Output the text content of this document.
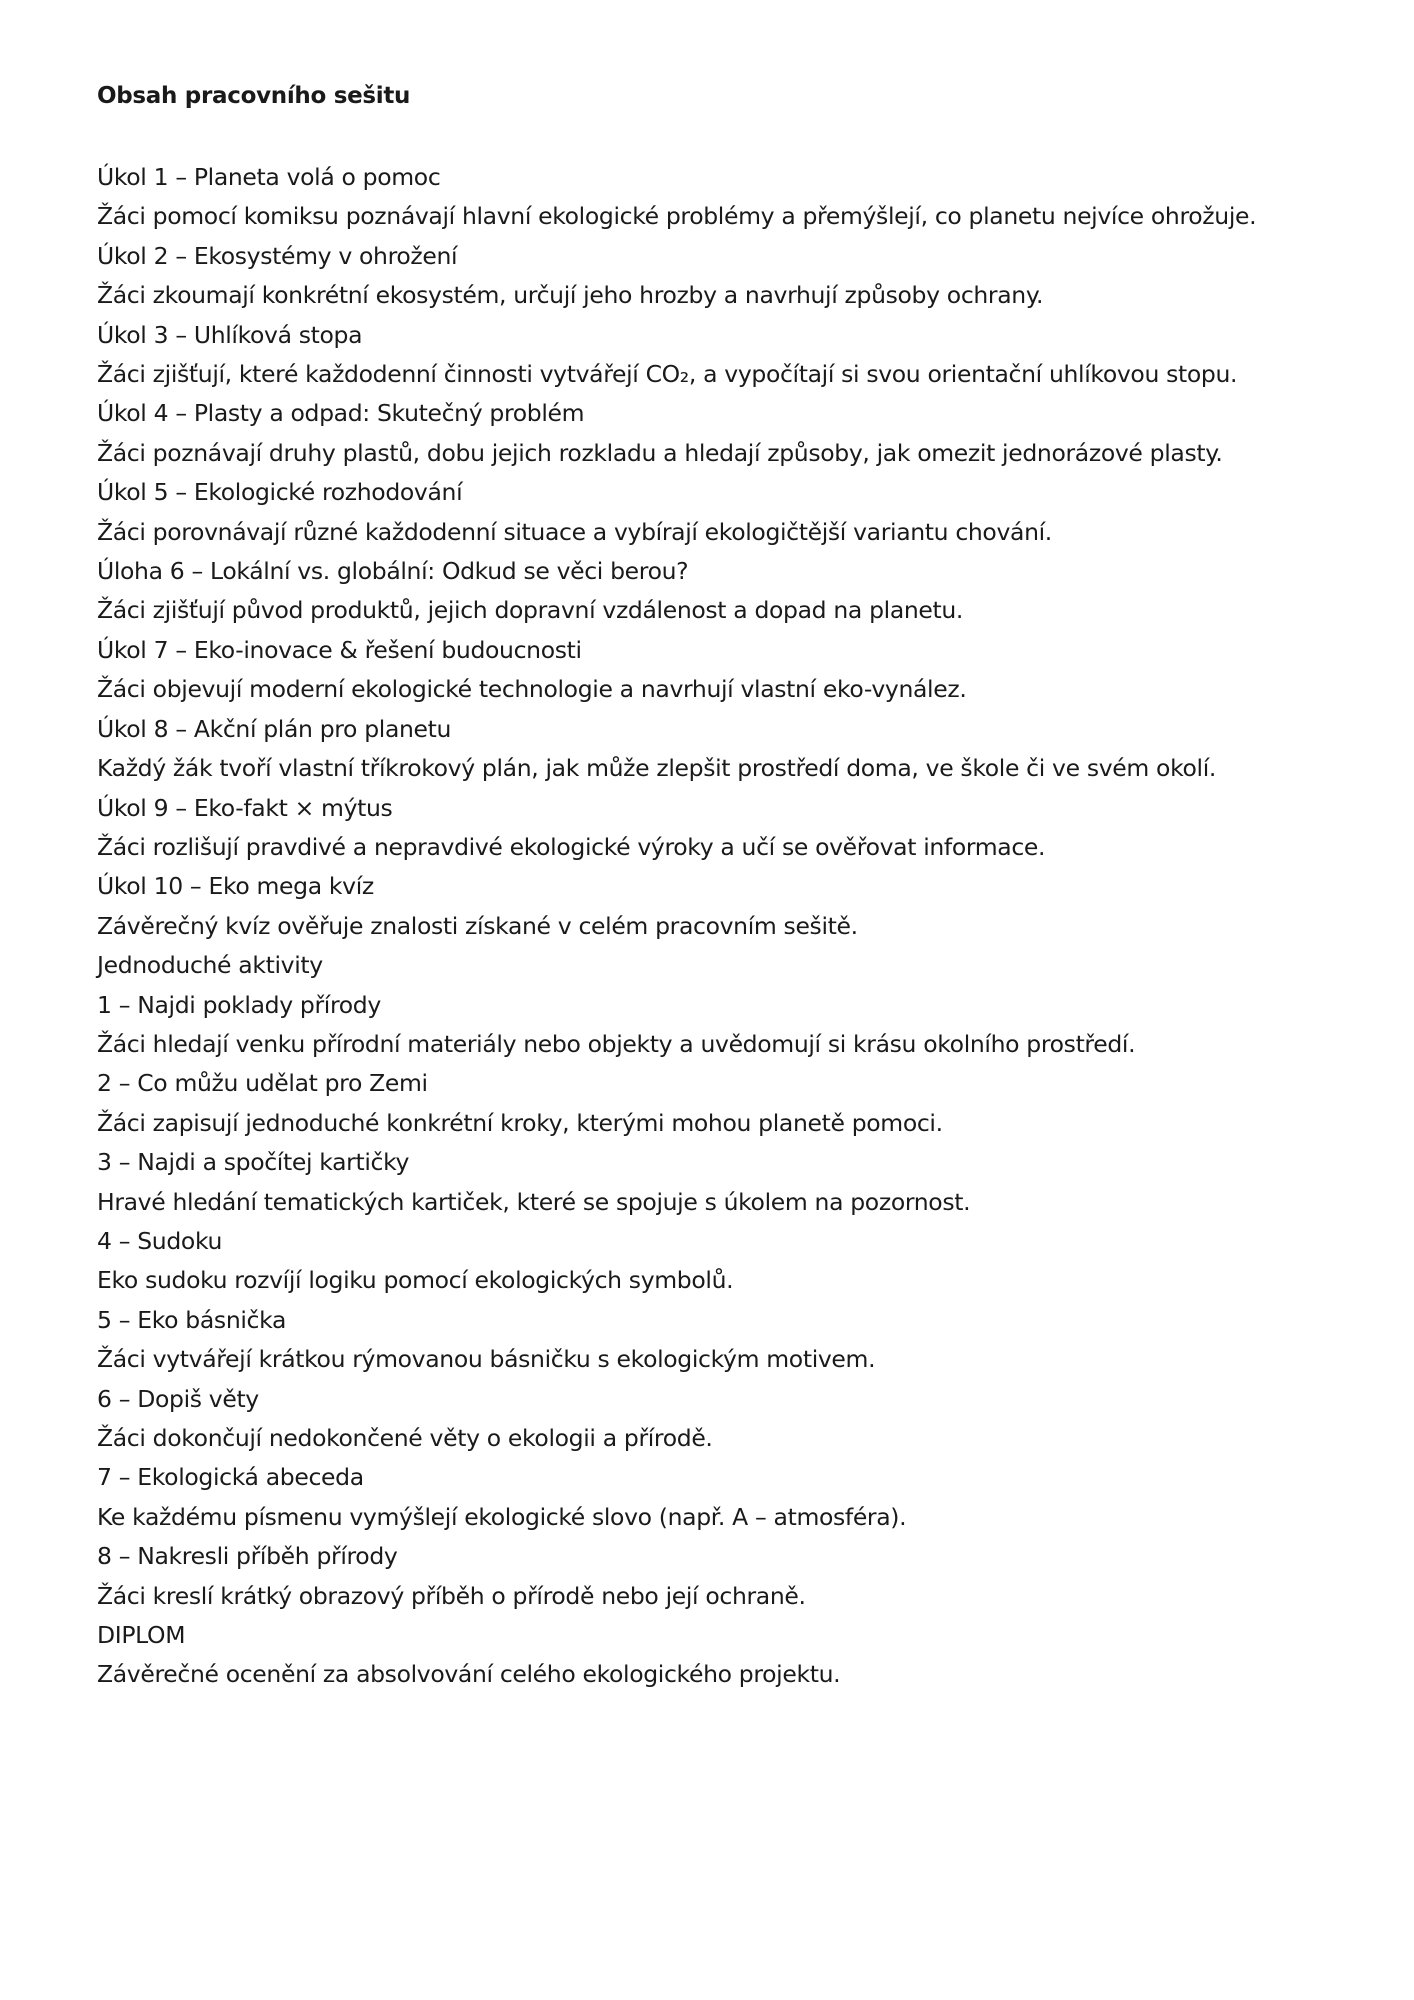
Obsah pracovního sešitu

Úkol 1 – Planeta volá o pomoc
Žáci pomocí komiksu poznávají hlavní ekologické problémy a přemýšlejí, co planetu nejvíce ohrožuje.
Úkol 2 – Ekosystémy v ohrožení
Žáci zkoumají konkrétní ekosystém, určují jeho hrozby a navrhují způsoby ochrany.
Úkol 3 – Uhlíková stopa
Žáci zjišťují, které každodenní činnosti vytvářejí CO₂, a vypočítají si svou orientační uhlíkovou stopu.
Úkol 4 – Plasty a odpad: Skutečný problém
Žáci poznávají druhy plastů, dobu jejich rozkladu a hledají způsoby, jak omezit jednorázové plasty.
Úkol 5 – Ekologické rozhodování
Žáci porovnávají různé každodenní situace a vybírají ekologičtější variantu chování.
Úloha 6 – Lokální vs. globální: Odkud se věci berou?
Žáci zjišťují původ produktů, jejich dopravní vzdálenost a dopad na planetu.
Úkol 7 – Eko-inovace & řešení budoucnosti
Žáci objevují moderní ekologické technologie a navrhují vlastní eko-vynález.
Úkol 8 – Akční plán pro planetu
Každý žák tvoří vlastní tříkrokový plán, jak může zlepšit prostředí doma, ve škole či ve svém okolí.
Úkol 9 – Eko-fakt × mýtus
Žáci rozlišují pravdivé a nepravdivé ekologické výroky a učí se ověřovat informace.
Úkol 10 – Eko mega kvíz
Závěrečný kvíz ověřuje znalosti získané v celém pracovním sešitě.
Jednoduché aktivity
1 – Najdi poklady přírody
Žáci hledají venku přírodní materiály nebo objekty a uvědomují si krásu okolního prostředí.
2 – Co můžu udělat pro Zemi
Žáci zapisují jednoduché konkrétní kroky, kterými mohou planetě pomoci.
3 – Najdi a spočítej kartičky
Hravé hledání tematických kartiček, které se spojuje s úkolem na pozornost.
4 – Sudoku
Eko sudoku rozvíjí logiku pomocí ekologických symbolů.
5 – Eko básnička
Žáci vytvářejí krátkou rýmovanou básničku s ekologickým motivem.
6 – Dopiš věty
Žáci dokončují nedokončené věty o ekologii a přírodě.
7 – Ekologická abeceda
Ke každému písmenu vymýšlejí ekologické slovo (např. A – atmosféra).
8 – Nakresli příběh přírody
Žáci kreslí krátký obrazový příběh o přírodě nebo její ochraně.
DIPLOM
Závěrečné ocenění za absolvování celého ekologického projektu.
